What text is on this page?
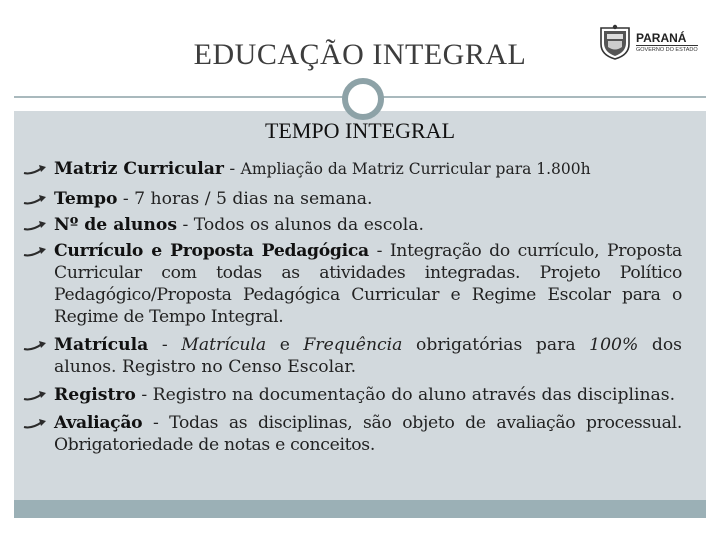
EDUCAÇÃO INTEGRAL	PARANÁ
GOVERNO DO ESTADO
TEMPO INTEGRAL
Matriz Curricular - Ampliação da Matriz Curricular para 1.800h
Tempo - 7 horas / 5 dias na semana.
Nº de alunos - Todos os alunos da escola.
Currículo e Proposta Pedagógica - Integração do currículo, Proposta Curricular com todas as atividades integradas. Projeto Político Pedagógico/Proposta Pedagógica Curricular e Regime Escolar para o Regime de Tempo Integral.
Matrícula - Matrícula e Frequência obrigatórias para 100% dos alunos. Registro no Censo Escolar.
Registro - Registro na documentação do aluno através das disciplinas.
Avaliação - Todas as disciplinas, são objeto de avaliação processual. Obrigatoriedade de notas e conceitos.
